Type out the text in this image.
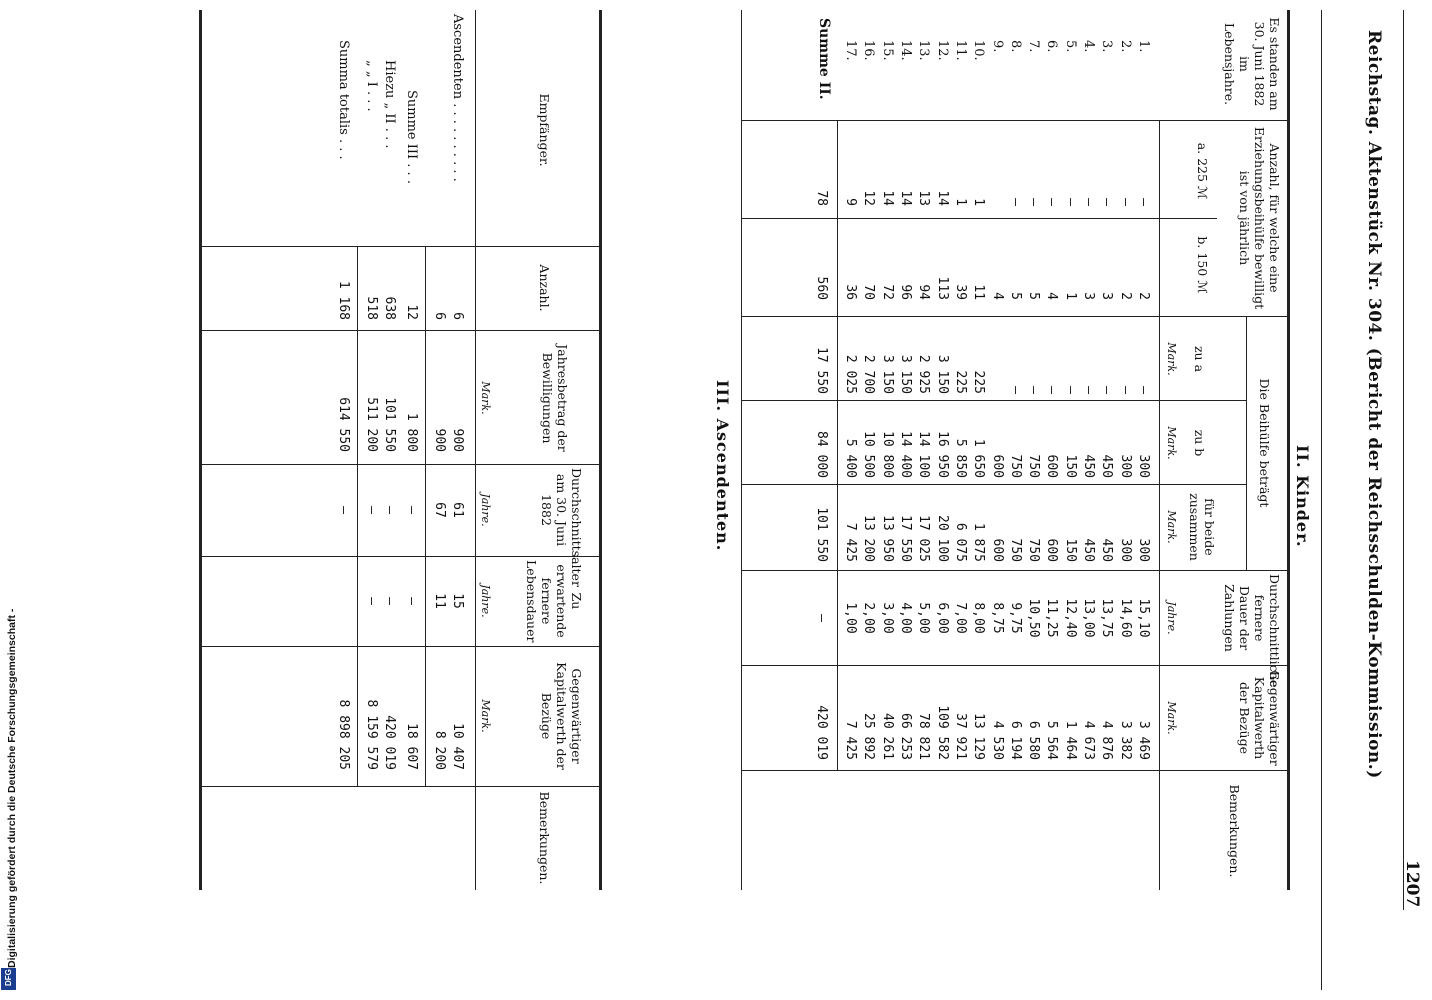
Digitalisierung gefördert durch die Deutsche Forschungsgemeinschaft -
DFG
Reichstag. Aktenstück Nr. 304. (Bericht der Reichsschulden-Kommission.)
1207
II. Kinder.
Es standen am 30. Juni 1882 im Lebensjahre.
Anzahl, für welche eine Erziehungsbeihülfe bewilligt ist von jährlich
a. 225 ℳ
b. 150 ℳ
Die Beihülfe beträgt
zu a
zu b
für beide zusammen
Durchschnittliche fernere Dauer der Zahlungen
Gegenwärtiger Kapitalwerth der Bezüge
Bemerkungen.
Mark.
Mark.
Mark.
Jahre.
Mark.
1.
—
2
—
300
300
15,10
3 469
2.
—
2
—
300
300
14,60
3 382
3.
—
3
—
450
450
13,75
4 876
4.
—
3
—
450
450
13,00
4 673
5.
—
1
—
150
150
12,40
1 464
6.
—
4
—
600
600
11,25
5 564
7.
—
5
—
750
750
10,50
6 580
8.
—
5
—
750
750
9,75
6 194
9.
4
600
600
8,75
4 530
10.
1
11
225
1 650
1 875
8,00
13 129
11.
1
39
225
5 850
6 075
7,00
37 921
12.
14
113
3 150
16 950
20 100
6,00
109 582
13.
13
94
2 925
14 100
17 025
5,00
78 821
14.
14
96
3 150
14 400
17 550
4,00
66 253
15.
14
72
3 150
10 800
13 950
3,00
40 261
16.
12
70
2 700
10 500
13 200
2,00
25 892
17.
9
36
2 025
5 400
7 425
1,00
7 425
Summe II.
78
560
17 550
84 000
101 550
—
420 019
III. Ascendenten.
Empfänger.
Anzahl.
Jahresbetrag der Bewilligungen
Durchschnittsalter am 30. Juni 1882
Zu erwartende fernere Lebensdauer
Gegenwärtiger Kapitalwerth der Bezüge
Bemerkungen.
Mark.
Jahre.
Jahre.
Mark.
Ascendenten . . . . . . . . . .
6
900
61
15
10 407
6
900
67
11
8 200
Summe III . . .
12
1 800
—
—
18 607
Hiezu „ II . . .
638
101 550
—
—
420 019
„ „ I . . .
518
511 200
—
—
8 159 579
Summa totalis . . .
1 168
614 550
—
8 898 205
